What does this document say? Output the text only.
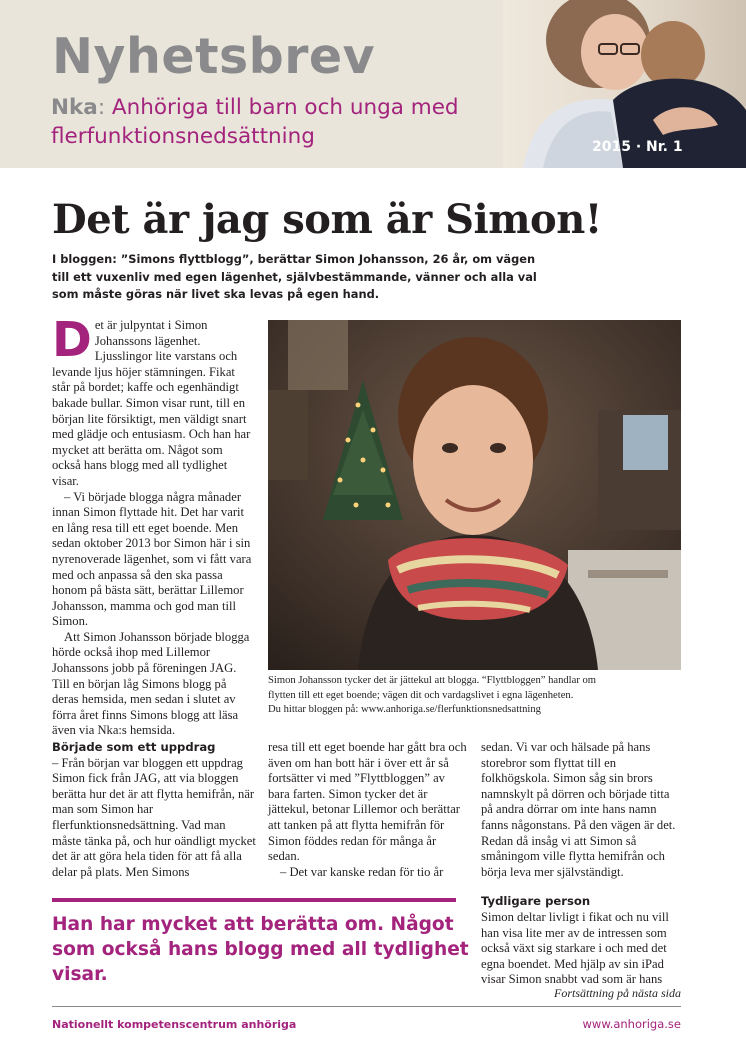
Nyhetsbrev
Nka: Anhöriga till barn och unga med flerfunktionsnedsättning	2015 · Nr. 1
Det är jag som är Simon!

I bloggen: ”Simons flyttblogg”, berättar Simon Johansson, 26 år, om vägen till ett vuxenliv med egen lägenhet, självbestämmande, vänner och alla val som måste göras när livet ska levas på egen hand.

Det är julpyntat i Simon Johanssons lägenhet. Ljusslingor lite varstans och levande ljus höjer stämningen. Fikat står på bordet; kaffe och egenhändigt bakade bullar. Simon visar runt, till en början lite försiktigt, men väldigt snart med glädje och entusiasm. Och han har mycket att berätta om. Något som också hans blogg med all tydlighet visar.

– Vi började blogga några månader innan Simon flyttade hit. Det har varit en lång resa till ett eget boende. Men sedan oktober 2013 bor Simon här i sin nyrenoverade lägenhet, som vi fått vara med och anpassa så den ska passa honom på bästa sätt, berättar Lillemor Johansson, mamma och god man till Simon.

Att Simon Johansson började blogga hörde också ihop med Lillemor Johanssons jobb på föreningen JAG. Till en början låg Simons blogg på deras hemsida, men sedan i slutet av förra året finns Simons blogg att läsa även via Nka:s hemsida.

Simon Johansson tycker det är jättekul att blogga. “Flyttbloggen” handlar om
flytten till ett eget boende; vägen dit och vardagslivet i egna lägenheten.
Du hittar bloggen på: www.anhoriga.se/flerfunktionsnedsattning
Började som ett uppdrag

– Från början var bloggen ett uppdrag Simon fick från JAG, att via bloggen berätta hur det är att flytta hemifrån, när man som Simon har flerfunktionsnedsättning. Vad man måste tänka på, och hur oändligt mycket det är att göra hela tiden för att få alla delar på plats. Men Simons

resa till ett eget boende har gått bra och även om han bott här i över ett år så fortsätter vi med ”Flyttbloggen” av bara farten. Simon tycker det är jättekul, betonar Lillemor och berättar att tanken på att flytta hemifrån för Simon föddes redan för många år sedan.

– Det var kanske redan för tio år

sedan. Vi var och hälsade på hans storebror som flyttat till en folkhögskola. Simon såg sin brors namnskylt på dörren och började titta på andra dörrar om inte hans namn fanns någonstans. På den vägen är det. Redan då insåg vi att Simon så småningom ville flytta hemifrån och börja leva mer självständigt.

Tydligare person

Simon deltar livligt i fikat och nu vill han visa lite mer av de intressen som också växt sig starkare i och med det egna boendet. Med hjälp av sin iPad visar Simon snabbt vad som är hans

Han har mycket att berätta om. Något som också hans blogg med all tydlighet visar.
Fortsättning på nästa sida
Nationellt kompetenscentrum anhöriga	www.anhoriga.se
